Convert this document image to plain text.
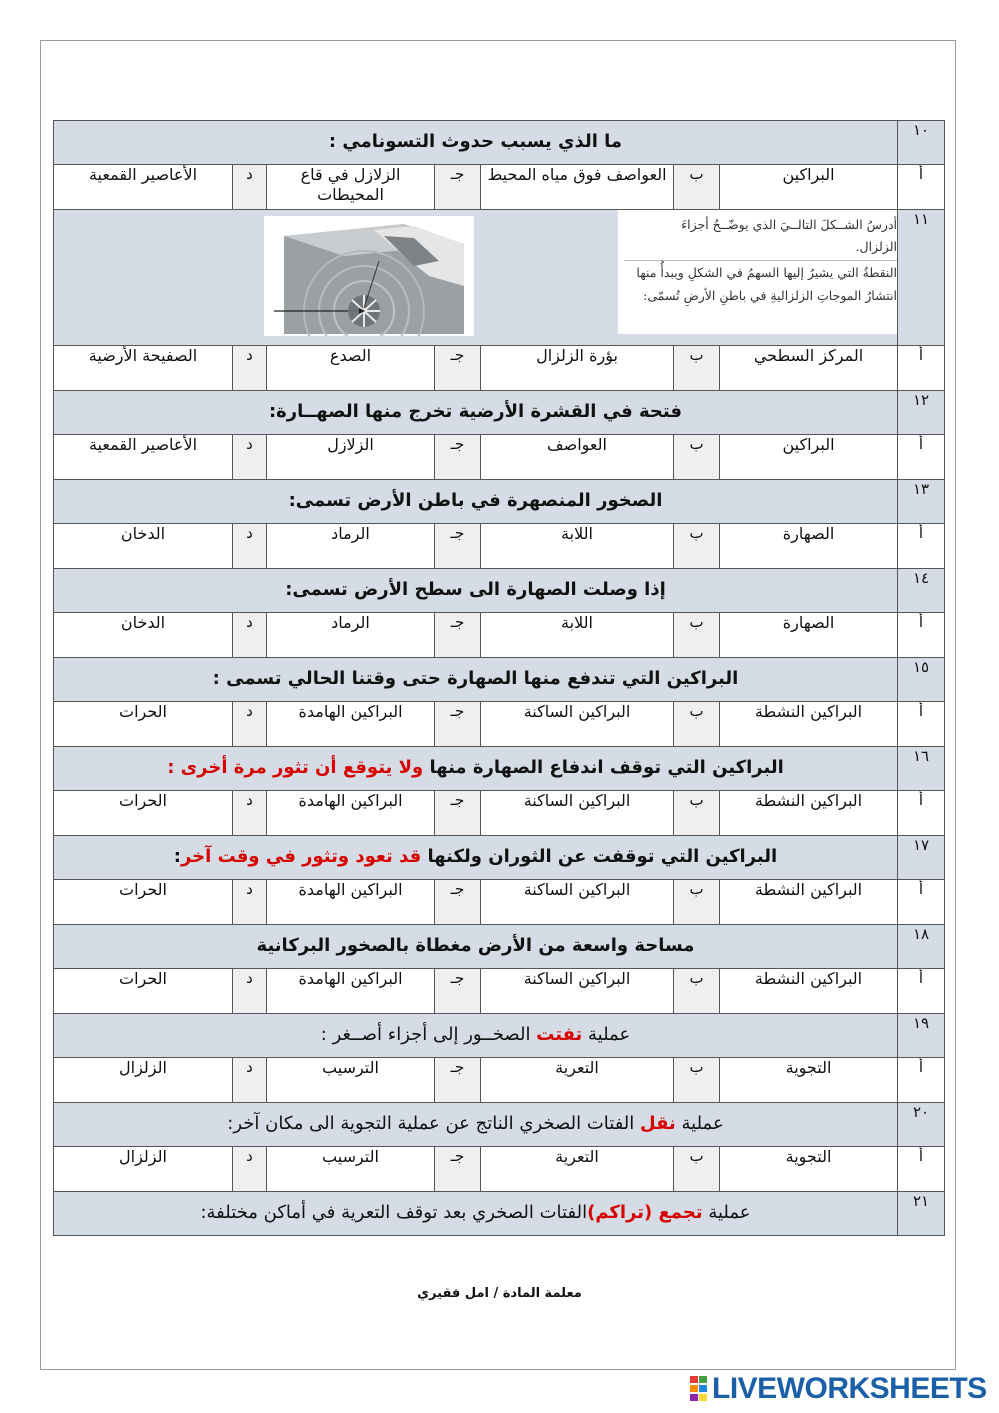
١٠	ما الذي يسبب حدوث التسونامي :						
أ	البراكين	ب	العواصف فوق مياه المحيط	جـ	الزلازل في قاع المحيطات	د	الأعاصير القمعية
١١	أدرسُ الشــكلَ التالــيَ الذي يوضّــحُ أجزاءَ
الزلزال.
النقطةُ التي يشيرُ إليها السهمُ في الشكلِ ويبدأُ منها
انتشارُ الموجاتِ الزلزاليةِ في باطنِ الأرضِ تُسمّى:						

أ	المركز السطحي	ب	بؤرة الزلزال	جـ	الصدع	د	الصفيحة الأرضية
١٢	فتحة في القشرة الأرضية تخرج منها الصهــارة:						
أ	البراكين	ب	العواصف	جـ	الزلازل	د	الأعاصير القمعية
١٣	الصخور المنصهرة في باطن الأرض تسمى:						
أ	الصهارة	ب	اللابة	جـ	الرماد	د	الدخان
١٤	إذا وصلت الصهارة الى سطح الأرض تسمى:						
أ	الصهارة	ب	اللابة	جـ	الرماد	د	الدخان
١٥	البراكين التي تندفع منها الصهارة حتى وقتنا الحالي تسمى :						
أ	البراكين النشطة	ب	البراكين الساكنة	جـ	البراكين الهامدة	د	الحرات
١٦	البراكين التي توقف اندفاع الصهارة منها ولا يتوقع أن تثور مرة أخرى :						
أ	البراكين النشطة	ب	البراكين الساكنة	جـ	البراكين الهامدة	د	الحرات
١٧	البراكين التي توقفت عن الثوران ولكنها قد تعود وتثور في وقت آخر:						
أ	البراكين النشطة	ب	البراكين الساكنة	جـ	البراكين الهامدة	د	الحرات
١٨	مساحة واسعة من الأرض مغطاة بالصخور البركانية						
أ	البراكين النشطة	ب	البراكين الساكنة	جـ	البراكين الهامدة	د	الحرات
١٩	عملية تفتت الصخــور إلى أجزاء أصــغر :						
أ	التجوية	ب	التعرية	جـ	الترسيب	د	الزلزال
٢٠	عملية نقل الفتات الصخري الناتج عن عملية التجوية الى مكان آخر:						
أ	التجوية	ب	التعرية	جـ	الترسيب	د	الزلزال
٢١	عملية تجمع (تراكم)الفتات الصخري بعد توقف التعرية في أماكن مختلفة:						
معلمة المادة / امل فقيري
LIVEWORKSHEETS
